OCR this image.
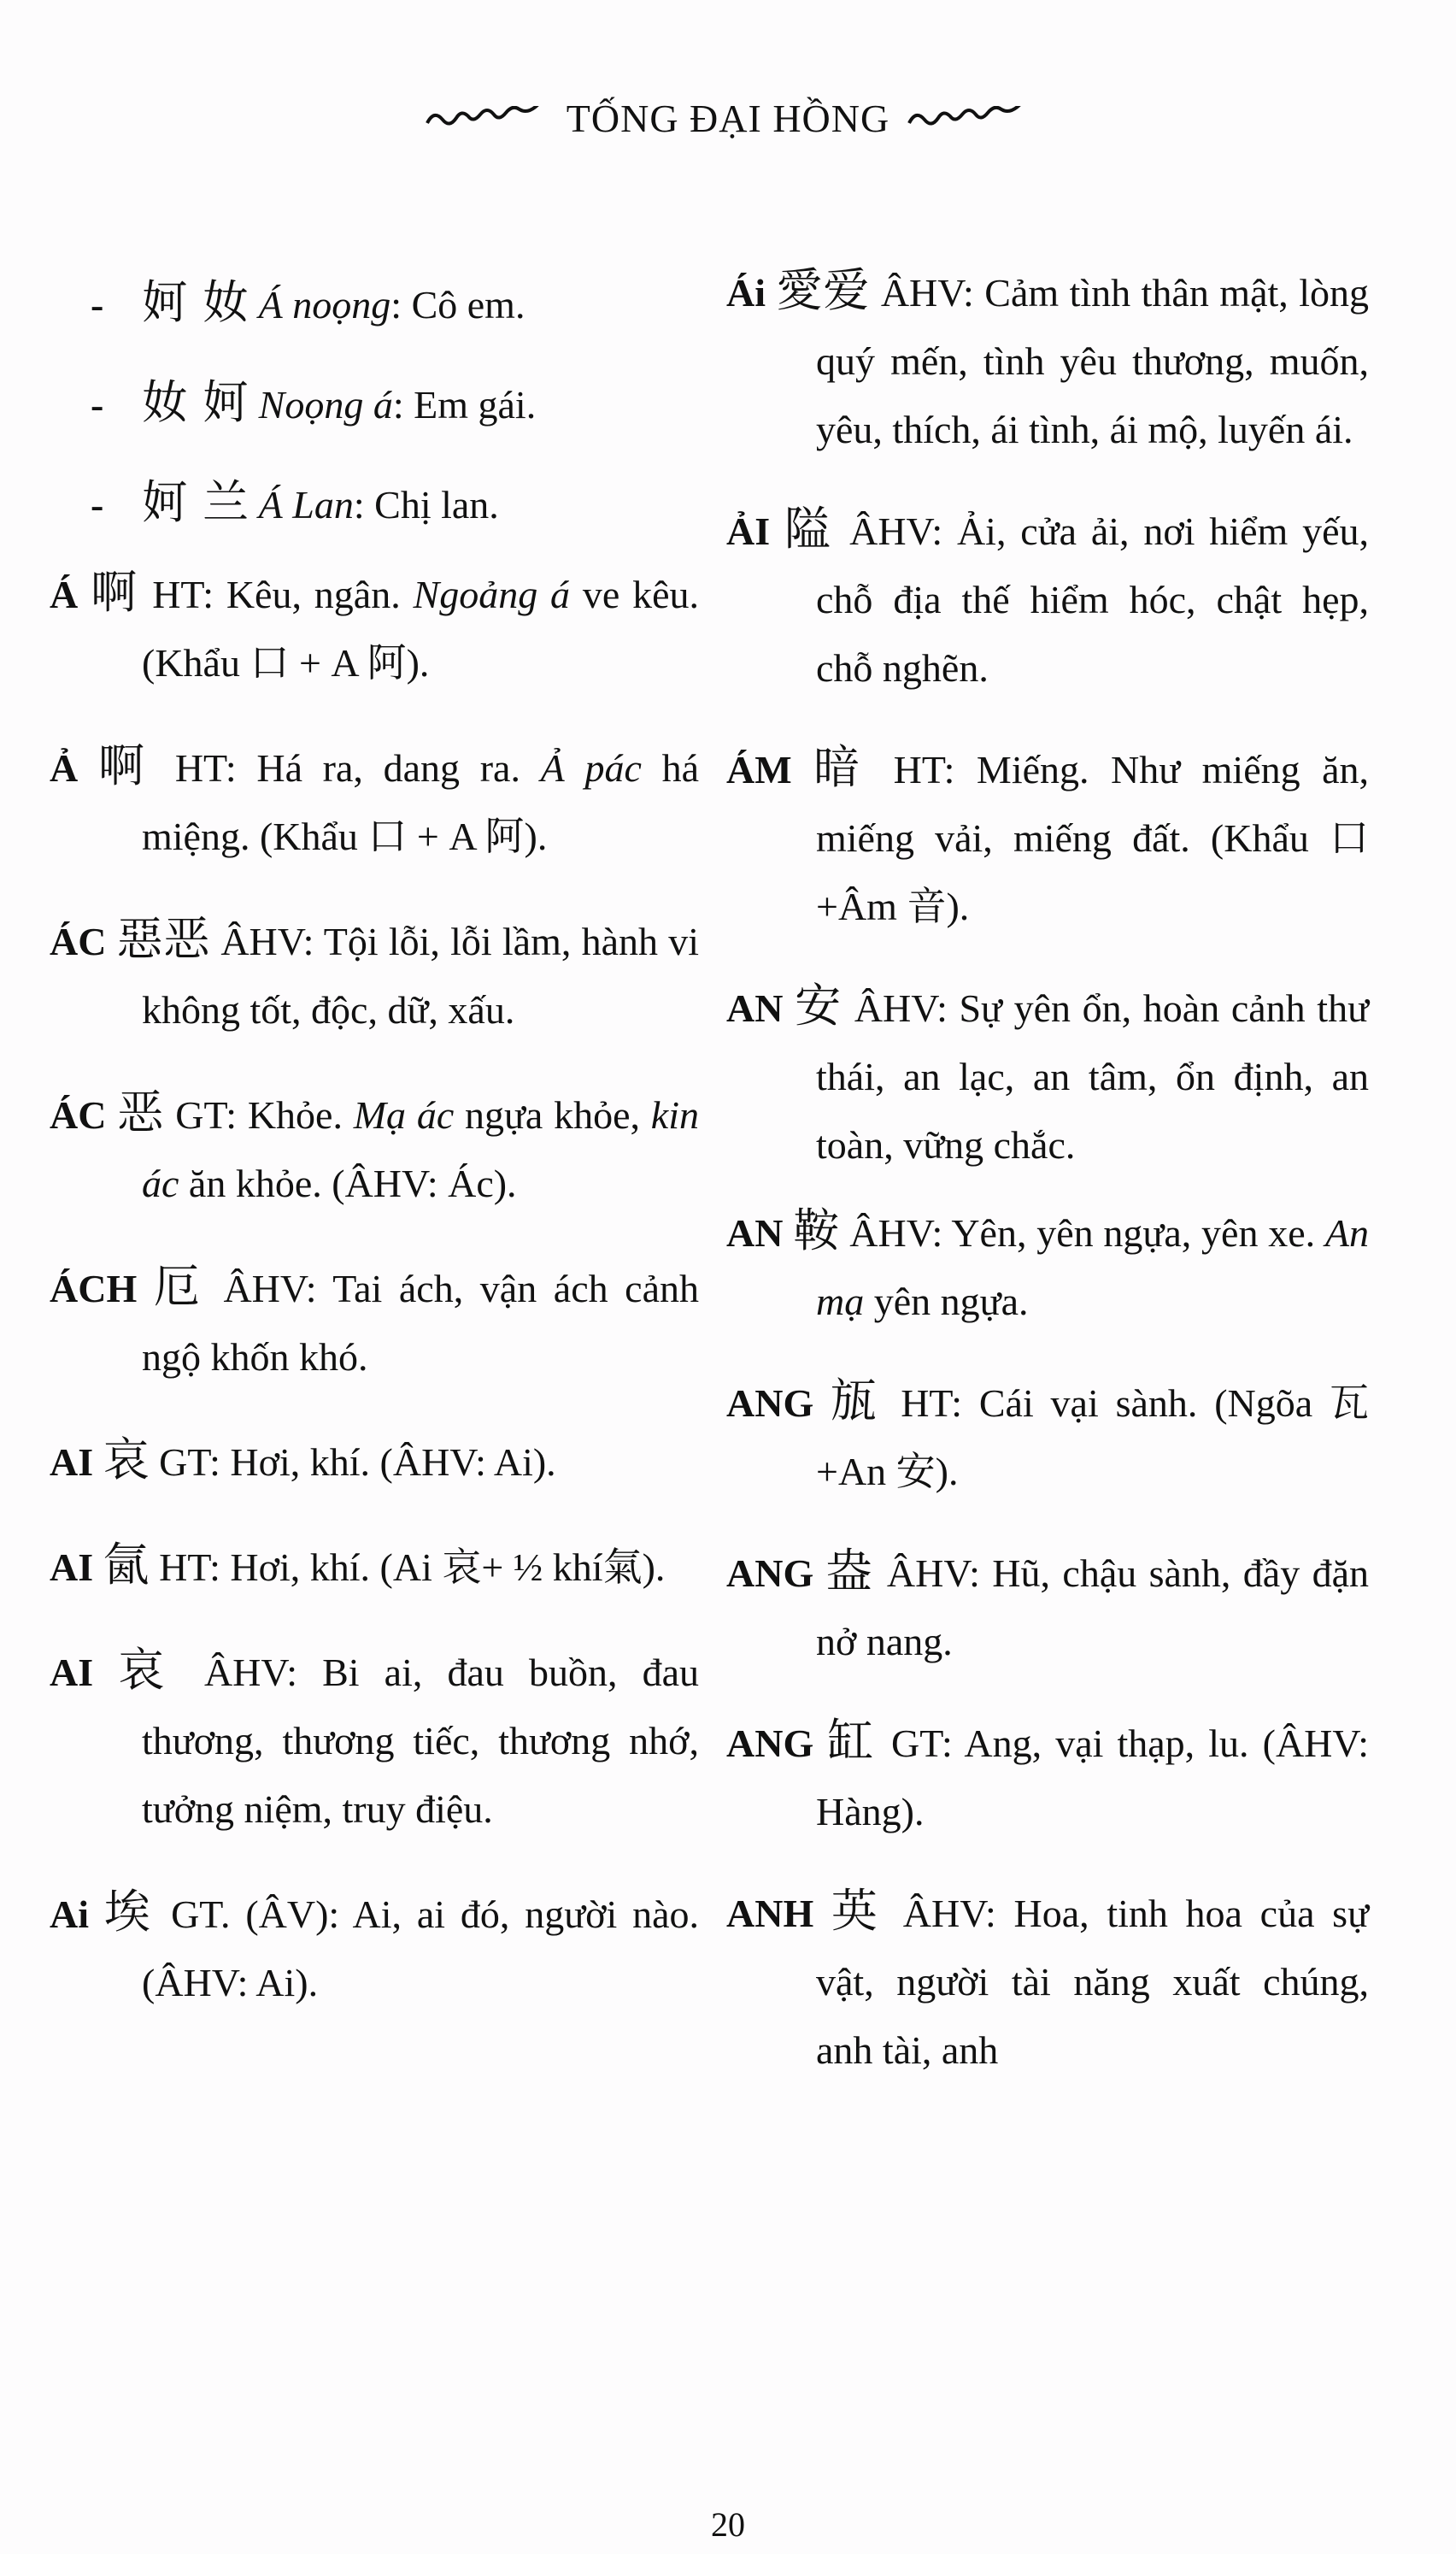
TỐNG ĐẠI HỒNG
- 妸 奻 Á noọng: Cô em.
- 奻 妸 Noọng á: Em gái.
- 妸 兰 Á Lan: Chị lan.
Á 啊 HT: Kêu, ngân. Ngoảng á ve kêu. (Khẩu 口 + A 阿).
Ả 啊 HT: Há ra, dang ra. Ả pác há miệng. (Khẩu 口 + A 阿).
ÁC 惡恶 ÂHV: Tội lỗi, lỗi lầm, hành vi không tốt, độc, dữ, xấu.
ÁC 恶 GT: Khỏe. Mạ ác ngựa khỏe, kin ác ăn khỏe. (ÂHV: Ác).
ÁCH 厄 ÂHV: Tai ách, vận ách cảnh ngộ khốn khó.
AI 哀 GT: Hơi, khí. (ÂHV: Ai).
AI 氤 HT: Hơi, khí. (Ai 哀+ ½ khí氣).
AI 哀 ÂHV: Bi ai, đau buồn, đau thương, thương tiếc, thương nhớ, tưởng niệm, truy điệu.
Ai 埃 GT. (ÂV): Ai, ai đó, người nào. (ÂHV: Ai).
Ái 愛爱 ÂHV: Cảm tình thân mật, lòng quý mến, tình yêu thương, muốn, yêu, thích, ái tình, ái mộ, luyến ái.
ẢI 隘 ÂHV: Ải, cửa ải, nơi hiểm yếu, chỗ địa thế hiểm hóc, chật hẹp, chỗ nghẽn.
ÁM 暗 HT: Miếng. Như miếng ăn, miếng vải, miếng đất. (Khẩu 口 +Âm 音).
AN 安 ÂHV: Sự yên ổn, hoàn cảnh thư thái, an lạc, an tâm, ổn định, an toàn, vững chắc.
AN 鞍 ÂHV: Yên, yên ngựa, yên xe. An mạ yên ngựa.
ANG 瓬 HT: Cái vại sành. (Ngõa 瓦 +An 安).
ANG 盎 ÂHV: Hũ, chậu sành, đầy đặn nở nang.
ANG 缸 GT: Ang, vại thạp, lu. (ÂHV: Hàng).
ANH 英 ÂHV: Hoa, tinh hoa của sự vật, người tài năng xuất chúng, anh tài, anh
20
